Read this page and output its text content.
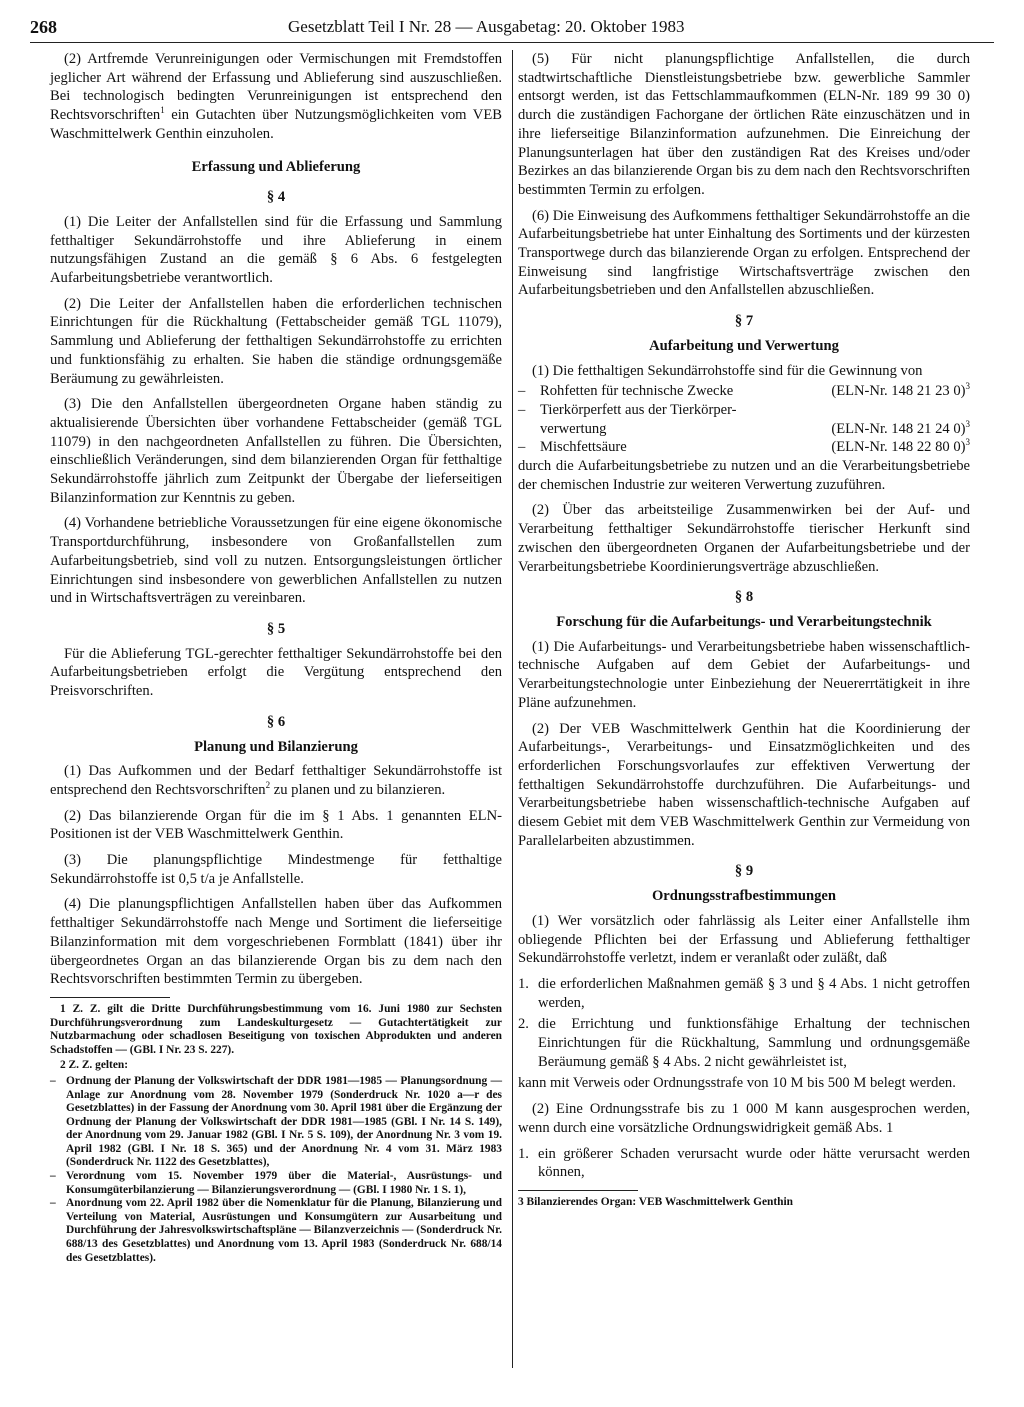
268	Gesetzblatt Teil I Nr. 28 — Ausgabetag: 20. Oktober 1983

(2) Artfremde Verunreinigungen oder Vermischungen mit Fremdstoffen jeglicher Art während der Erfassung und Ablieferung sind auszuschließen. Bei technologisch bedingten Verunreinigungen ist entsprechend den Rechtsvorschriften$^1$ ein Gutachten über Nutzungsmöglichkeiten vom VEB Waschmittelwerk Genthin einzuholen.

Erfassung und Ablieferung
§ 4

(1) Die Leiter der Anfallstellen sind für die Erfassung und Sammlung fetthaltiger Sekundärrohstoffe und ihre Ablieferung in einem nutzungsfähigen Zustand an die gemäß § 6 Abs. 6 festgelegten Aufarbeitungsbetriebe verantwortlich.

(2) Die Leiter der Anfallstellen haben die erforderlichen technischen Einrichtungen für die Rückhaltung (Fettabscheider gemäß TGL 11079), Sammlung und Ablieferung der fetthaltigen Sekundärrohstoffe zu errichten und funktionsfähig zu erhalten. Sie haben die ständige ordnungsgemäße Beräumung zu gewährleisten.

(3) Die den Anfallstellen übergeordneten Organe haben ständig zu aktualisierende Übersichten über vorhandene Fettabscheider (gemäß TGL 11079) in den nachgeordneten Anfallstellen zu führen. Die Übersichten, einschließlich Veränderungen, sind dem bilanzierenden Organ für fetthaltige Sekundärrohstoffe jährlich zum Zeitpunkt der Übergabe der lieferseitigen Bilanzinformation zur Kenntnis zu geben.

(4) Vorhandene betriebliche Voraussetzungen für eine eigene ökonomische Transportdurchführung, insbesondere von Großanfallstellen zum Aufarbeitungsbetrieb, sind voll zu nutzen. Entsorgungsleistungen örtlicher Einrichtungen sind insbesondere von gewerblichen Anfallstellen zu nutzen und in Wirtschaftsverträgen zu vereinbaren.

§ 5

Für die Ablieferung TGL-gerechter fetthaltiger Sekundärrohstoffe bei den Aufarbeitungsbetrieben erfolgt die Vergütung entsprechend den Preisvorschriften.

§ 6
Planung und Bilanzierung

(1) Das Aufkommen und der Bedarf fetthaltiger Sekundärrohstoffe ist entsprechend den Rechtsvorschriften$^2$ zu planen und zu bilanzieren.

(2) Das bilanzierende Organ für die im § 1 Abs. 1 genannten ELN-Positionen ist der VEB Waschmittelwerk Genthin.

(3) Die planungspflichtige Mindestmenge für fetthaltige Sekundärrohstoffe ist 0,5 t/a je Anfallstelle.

(4) Die planungspflichtigen Anfallstellen haben über das Aufkommen fetthaltiger Sekundärrohstoffe nach Menge und Sortiment die lieferseitige Bilanzinformation mit dem vorgeschriebenen Formblatt (1841) über ihr übergeordnetes Organ an das bilanzierende Organ bis zu dem nach den Rechtsvorschriften bestimmten Termin zu übergeben.

1 Z. Z. gilt die Dritte Durchführungsbestimmung vom 16. Juni 1980 zur Sechsten Durchführungsverordnung zum Landeskulturgesetz — Gutachtertätigkeit zur Nutzbarmachung oder schadlosen Beseitigung von toxischen Abprodukten und anderen Schadstoffen — (GBl. I Nr. 23 S. 227).
2 Z. Z. gelten:
– Ordnung der Planung der Volkswirtschaft der DDR 1981—1985 — Planungsordnung — Anlage zur Anordnung vom 28. November 1979 (Sonderdruck Nr. 1020 a—r des Gesetzblattes) in der Fassung der Anordnung vom 30. April 1981 über die Ergänzung der Ordnung der Planung der Volkswirtschaft der DDR 1981—1985 (GBl. I Nr. 14 S. 149), der Anordnung vom 29. Januar 1982 (GBl. I Nr. 5 S. 109), der Anordnung Nr. 3 vom 19. April 1982 (GBl. I Nr. 18 S. 365) und der Anordnung Nr. 4 vom 31. März 1983 (Sonderdruck Nr. 1122 des Gesetzblattes),
– Verordnung vom 15. November 1979 über die Material-, Ausrüstungs- und Konsumgüterbilanzierung — Bilanzierungsverordnung — (GBl. I 1980 Nr. 1 S. 1),
– Anordnung vom 22. April 1982 über die Nomenklatur für die Planung, Bilanzierung und Verteilung von Material, Ausrüstungen und Konsumgütern zur Ausarbeitung und Durchführung der Jahresvolkswirtschaftspläne — Bilanzverzeichnis — (Sonderdruck Nr. 688/13 des Gesetzblattes) und Anordnung vom 13. April 1983 (Sonderdruck Nr. 688/14 des Gesetzblattes).

(5) Für nicht planungspflichtige Anfallstellen, die durch stadtwirtschaftliche Dienstleistungsbetriebe bzw. gewerbliche Sammler entsorgt werden, ist das Fettschlammaufkommen (ELN-Nr. 189 99 30 0) durch die zuständigen Fachorgane der örtlichen Räte einzuschätzen und in ihre lieferseitige Bilanzinformation aufzunehmen. Die Einreichung der Planungsunterlagen hat über den zuständigen Rat des Kreises und/oder Bezirkes an das bilanzierende Organ bis zu dem nach den Rechtsvorschriften bestimmten Termin zu erfolgen.

(6) Die Einweisung des Aufkommens fetthaltiger Sekundärrohstoffe an die Aufarbeitungsbetriebe hat unter Einhaltung des Sortiments und der kürzesten Transportwege durch das bilanzierende Organ zu erfolgen. Entsprechend der Einweisung sind langfristige Wirtschaftsverträge zwischen den Aufarbeitungsbetrieben und den Anfallstellen abzuschließen.

§ 7
Aufarbeitung und Verwertung

(1) Die fetthaltigen Sekundärrohstoffe sind für die Gewinnung von

–	Rohfetten für technische Zwecke	(ELN-Nr. 148 21 23 0)$^3$
–	Tierkörperfett aus der Tierkörper-
verwertung	(ELN-Nr. 148 21 24 0)$^3$
–	Mischfettsäure	(ELN-Nr. 148 22 80 0)$^3$

durch die Aufarbeitungsbetriebe zu nutzen und an die Verarbeitungsbetriebe der chemischen Industrie zur weiteren Verwertung zuzuführen.

(2) Über das arbeitsteilige Zusammenwirken bei der Auf- und Verarbeitung fetthaltiger Sekundärrohstoffe tierischer Herkunft sind zwischen den übergeordneten Organen der Aufarbeitungsbetriebe und der Verarbeitungsbetriebe Koordinierungsverträge abzuschließen.

§ 8
Forschung für die Aufarbeitungs- und Verarbeitungstechnik

(1) Die Aufarbeitungs- und Verarbeitungsbetriebe haben wissenschaftlich-technische Aufgaben auf dem Gebiet der Aufarbeitungs- und Verarbeitungstechnologie unter Einbeziehung der Neuererrtätigkeit in ihre Pläne aufzunehmen.

(2) Der VEB Waschmittelwerk Genthin hat die Koordinierung der Aufarbeitungs-, Verarbeitungs- und Einsatzmöglichkeiten und des erforderlichen Forschungsvorlaufes zur effektiven Verwertung der fetthaltigen Sekundärrohstoffe durchzuführen. Die Aufarbeitungs- und Verarbeitungsbetriebe haben wissenschaftlich-technische Aufgaben auf diesem Gebiet mit dem VEB Waschmittelwerk Genthin zur Vermeidung von Parallelarbeiten abzustimmen.

§ 9
Ordnungsstrafbestimmungen

(1) Wer vorsätzlich oder fahrlässig als Leiter einer Anfallstelle ihm obliegende Pflichten bei der Erfassung und Ablieferung fetthaltiger Sekundärrohstoffe verletzt, indem er veranlaßt oder zuläßt, daß

1. die erforderlichen Maßnahmen gemäß § 3 und § 4 Abs. 1 nicht getroffen werden,
2. die Errichtung und funktionsfähige Erhaltung der technischen Einrichtungen für die Rückhaltung, Sammlung und ordnungsgemäße Beräumung gemäß § 4 Abs. 2 nicht gewährleistet ist,

kann mit Verweis oder Ordnungsstrafe von 10 M bis 500 M belegt werden.

(2) Eine Ordnungsstrafe bis zu 1 000 M kann ausgesprochen werden, wenn durch eine vorsätzliche Ordnungswidrigkeit gemäß Abs. 1

1. ein größerer Schaden verursacht wurde oder hätte verursacht werden können,
3 Bilanzierendes Organ: VEB Waschmittelwerk Genthin
